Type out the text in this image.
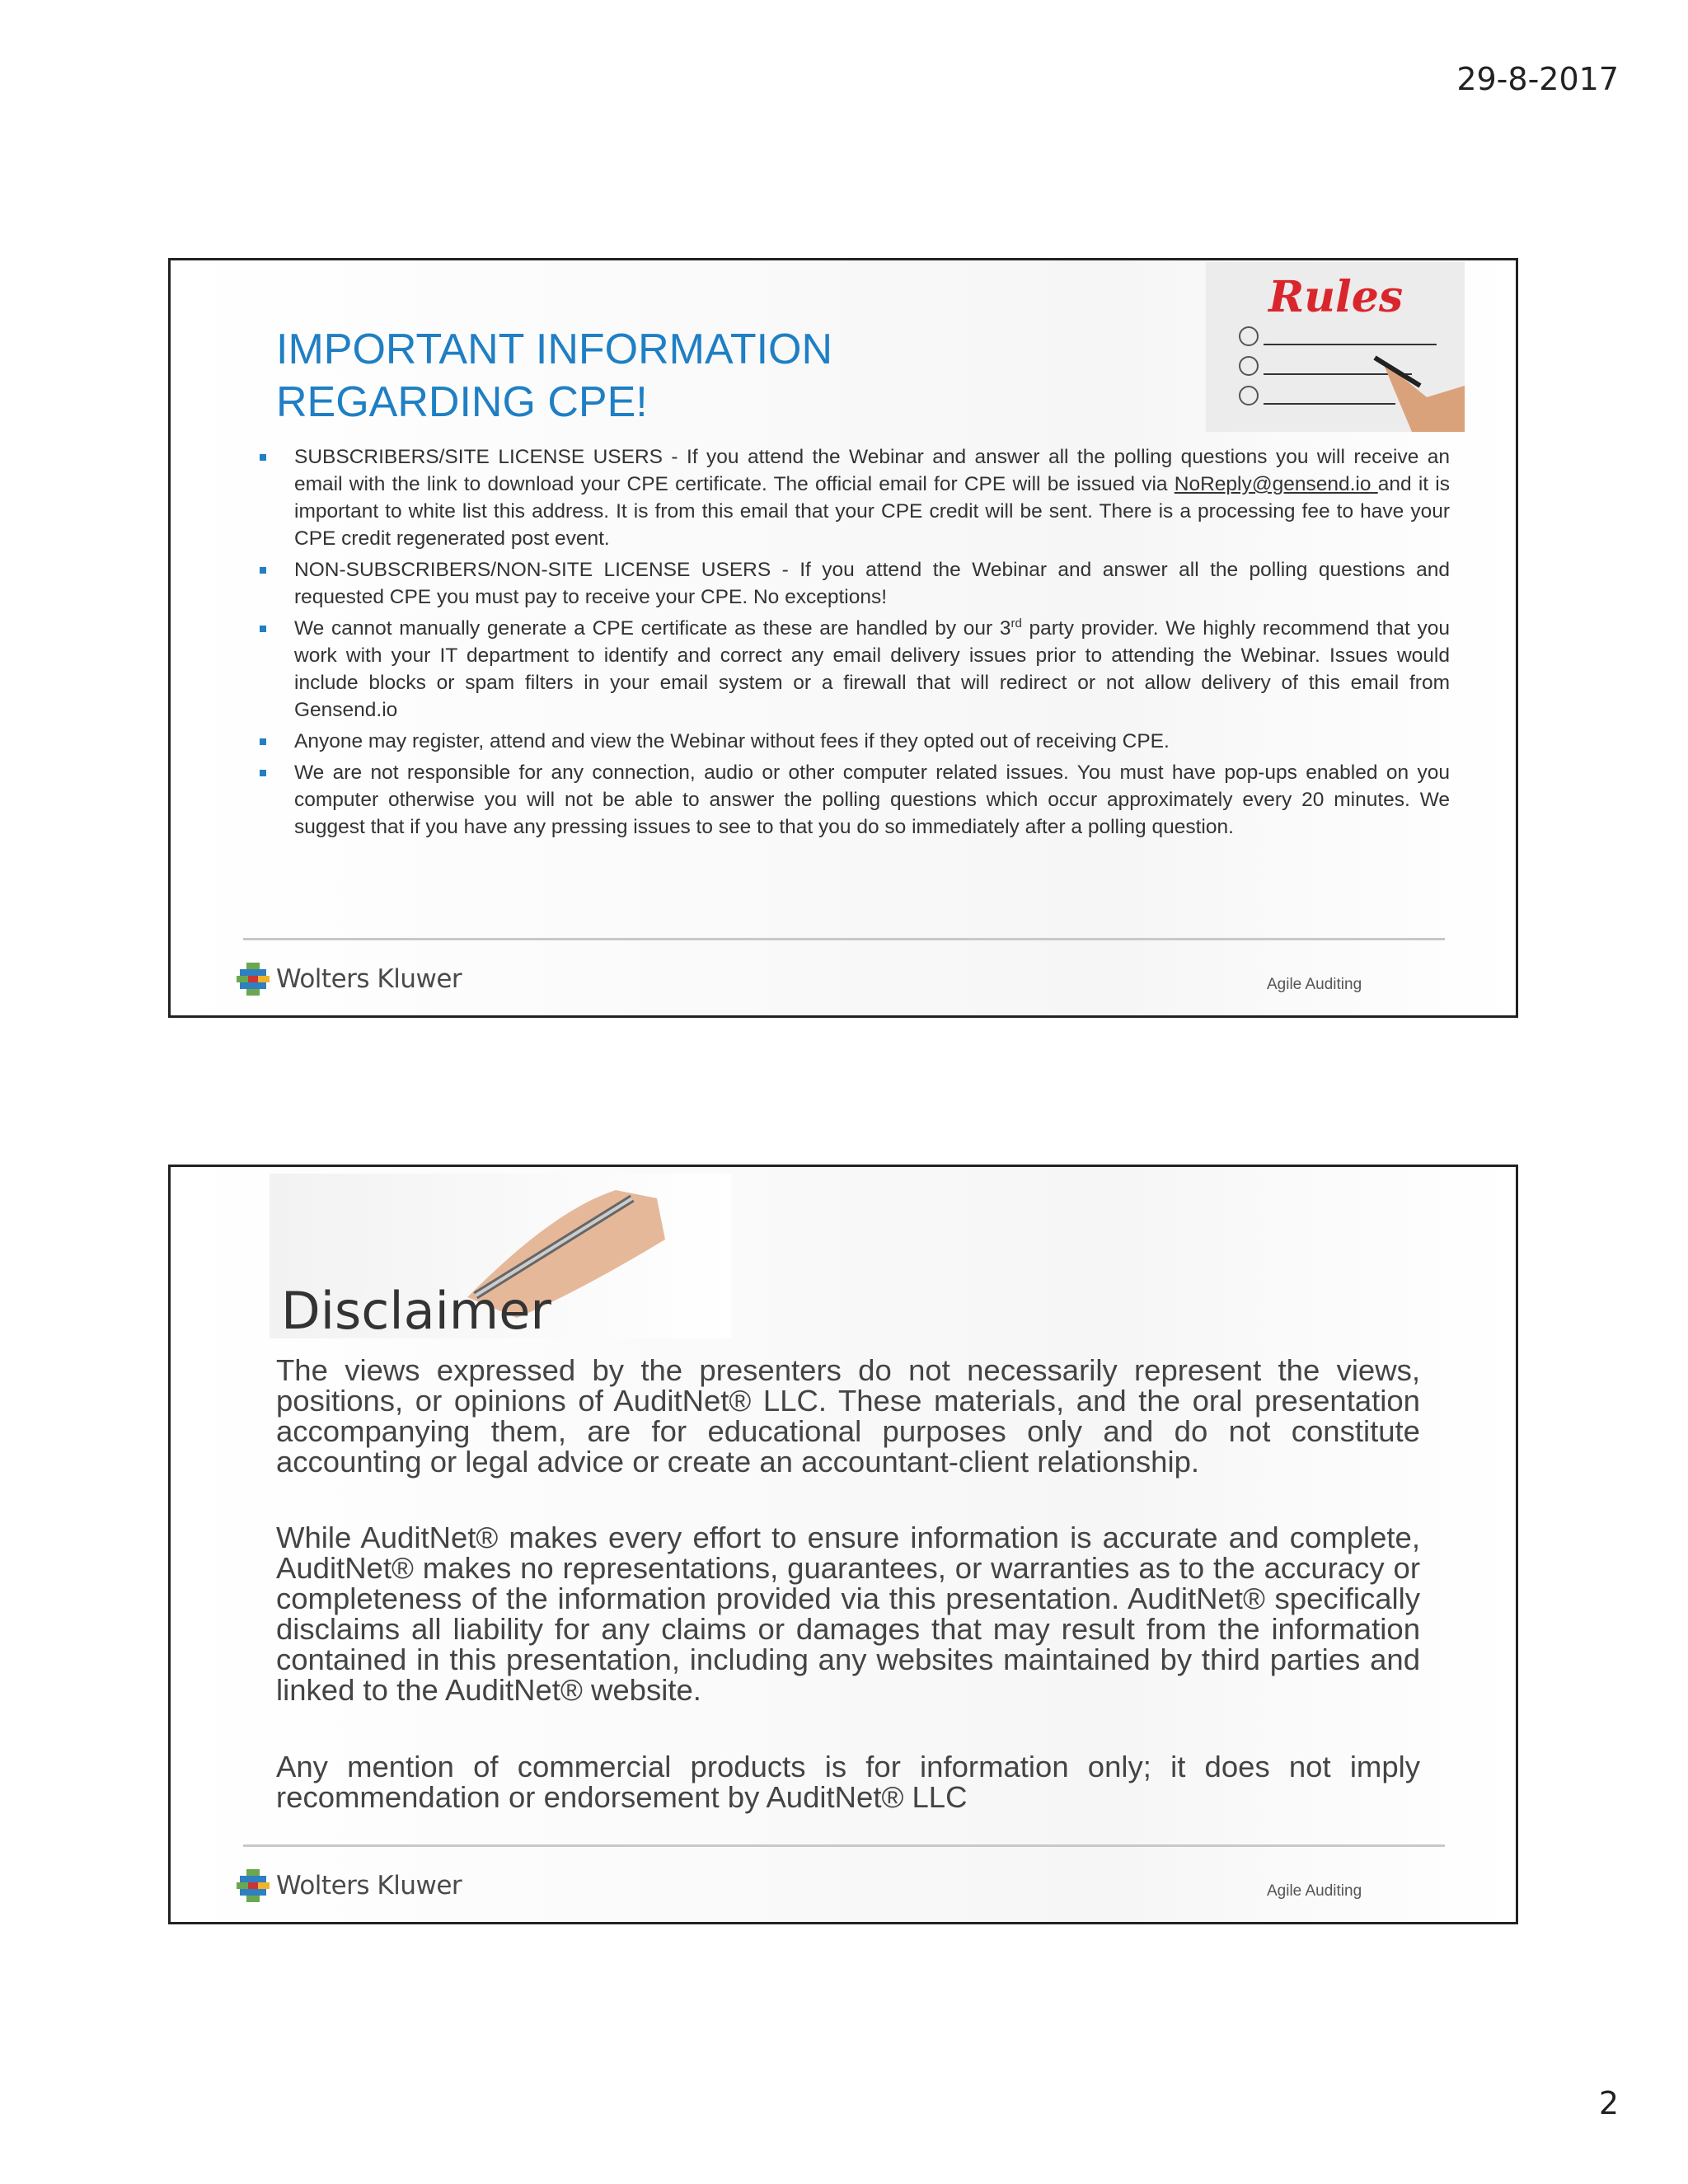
29-8-2017
IMPORTANT INFORMATION
REGARDING CPE!
Rules
SUBSCRIBERS/SITE LICENSE USERS - If you attend the Webinar and answer all the polling questions you will receive an email with the link to download your CPE certificate. The official email for CPE will be issued via NoReply@gensend.io and it is important to white list this address. It is from this email that your CPE credit will be sent. There is a processing fee to have your CPE credit regenerated post event.
NON-SUBSCRIBERS/NON-SITE LICENSE USERS - If you attend the Webinar and answer all the polling questions and requested CPE you must pay to receive your CPE. No exceptions!
We cannot manually generate a CPE certificate as these are handled by our 3rd party provider. We highly recommend that you work with your IT department to identify and correct any email delivery issues prior to attending the Webinar. Issues would include blocks or spam filters in your email system or a firewall that will redirect or not allow delivery of this email from Gensend.io
Anyone may register, attend and view the Webinar without fees if they opted out of receiving CPE.
We are not responsible for any connection, audio or other computer related issues. You must have pop-ups enabled on you computer otherwise you will not be able to answer the polling questions which occur approximately every 20 minutes. We suggest that if you have any pressing issues to see to that you do so immediately after a polling question.
Wolters Kluwer	Agile Auditing
Disclaimer

The views expressed by the presenters do not necessarily represent the views, positions, or opinions of AuditNet® LLC. These materials, and the oral presentation accompanying them, are for educational purposes only and do not constitute accounting or legal advice or create an accountant-client relationship.

While AuditNet® makes every effort to ensure information is accurate and complete, AuditNet® makes no representations, guarantees, or warranties as to the accuracy or completeness of the information provided via this presentation. AuditNet® specifically disclaims all liability for any claims or damages that may result from the information contained in this presentation, including any websites maintained by third parties and linked to the AuditNet® website.

Any mention of commercial products is for information only; it does not imply recommendation or endorsement by AuditNet® LLC

Wolters Kluwer	Agile Auditing
2
